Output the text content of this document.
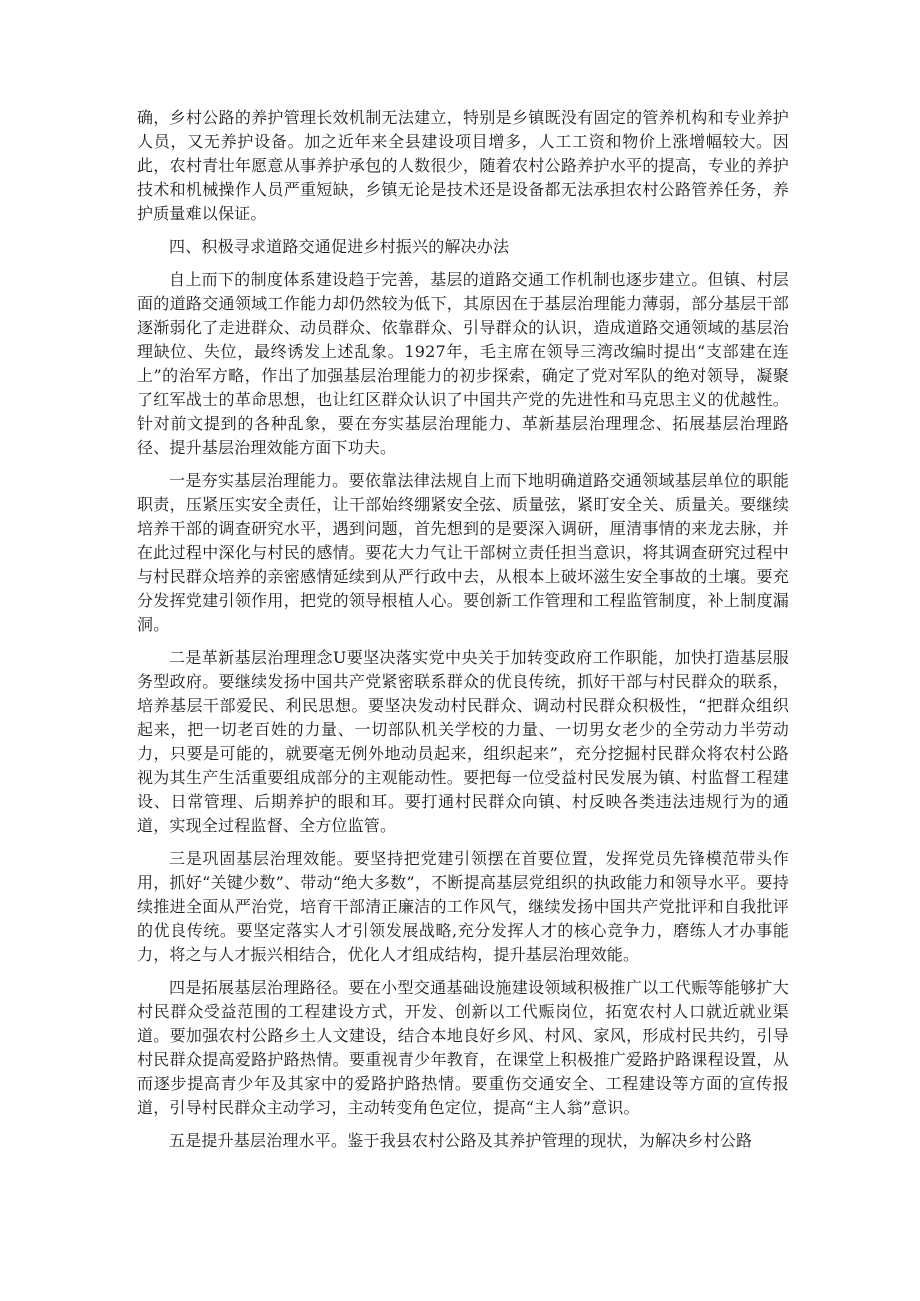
确，乡村公路的养护管理长效机制无法建立，特别是乡镇既没有固定的管养机构和专业养护人员，又无养护设备。加之近年来全县建设项目增多，人工工资和物价上涨增幅较大。因此，农村青壮年愿意从事养护承包的人数很少，随着农村公路养护水平的提高，专业的养护技术和机械操作人员严重短缺，乡镇无论是技术还是设备都无法承担农村公路管养任务，养护质量难以保证。

四、积极寻求道路交通促进乡村振兴的解决办法

自上而下的制度体系建设趋于完善，基层的道路交通工作机制也逐步建立。但镇、村层面的道路交通领域工作能力却仍然较为低下，其原因在于基层治理能力薄弱，部分基层干部逐渐弱化了走进群众、动员群众、依靠群众、引导群众的认识，造成道路交通领域的基层治理缺位、失位，最终诱发上述乱象。1927年，毛主席在领导三湾改编时提出“支部建在连上”的治军方略，作出了加强基层治理能力的初步探索，确定了党对军队的绝对领导，凝聚了红军战士的革命思想，也让红区群众认识了中国共产党的先进性和马克思主义的优越性。针对前文提到的各种乱象，要在夯实基层治理能力、革新基层治理理念、拓展基层治理路径、提升基层治理效能方面下功夫。

一是夯实基层治理能力。要依靠法律法规自上而下地明确道路交通领域基层单位的职能职责，压紧压实安全责任，让干部始终绷紧安全弦、质量弦，紧盯安全关、质量关。要继续培养干部的调查研究水平，遇到问题，首先想到的是要深入调研，厘清事情的来龙去脉，并在此过程中深化与村民的感情。要花大力气让干部树立责任担当意识，将其调查研究过程中与村民群众培养的亲密感情延续到从严行政中去，从根本上破坏滋生安全事故的土壤。要充分发挥党建引领作用，把党的领导根植人心。要创新工作管理和工程监管制度，补上制度漏洞。

二是革新基层治理理念U要坚决落实党中央关于加转变政府工作职能，加快打造基层服务型政府。要继续发扬中国共产党紧密联系群众的优良传统，抓好干部与村民群众的联系，培养基层干部爱民、利民思想。要坚决发动村民群众、调动村民群众积极性，“把群众组织起来，把一切老百姓的力量、一切部队机关学校的力量、一切男女老少的全劳动力半劳动力，只要是可能的，就要毫无例外地动员起来，组织起来”，充分挖掘村民群众将农村公路视为其生产生活重要组成部分的主观能动性。要把每一位受益村民发展为镇、村监督工程建设、日常管理、后期养护的眼和耳。要打通村民群众向镇、村反映各类违法违规行为的通道，实现全过程监督、全方位监管。

三是巩固基层治理效能。要坚持把党建引领摆在首要位置，发挥党员先锋模范带头作用，抓好“关键少数”、带动“绝大多数”，不断提高基层党组织的执政能力和领导水平。要持续推进全面从严治党，培育干部清正廉洁的工作风气，继续发扬中国共产党批评和自我批评的优良传统。要坚定落实人才引领发展战略,充分发挥人才的核心竞争力，磨练人才办事能力，将之与人才振兴相结合，优化人才组成结构，提升基层治理效能。

四是拓展基层治理路径。要在小型交通基础设施建设领域积极推广以工代赈等能够扩大村民群众受益范围的工程建设方式，开发、创新以工代赈岗位，拓宽农村人口就近就业渠道。要加强农村公路乡土人文建设，结合本地良好乡风、村风、家风，形成村民共约，引导村民群众提高爱路护路热情。要重视青少年教育，在课堂上积极推广爱路护路课程设置，从而逐步提高青少年及其家中的爱路护路热情。要重伤交通安全、工程建设等方面的宣传报道，引导村民群众主动学习，主动转变角色定位，提高“主人翁”意识。

五是提升基层治理水平。鉴于我县农村公路及其养护管理的现状，为解决乡村公路
